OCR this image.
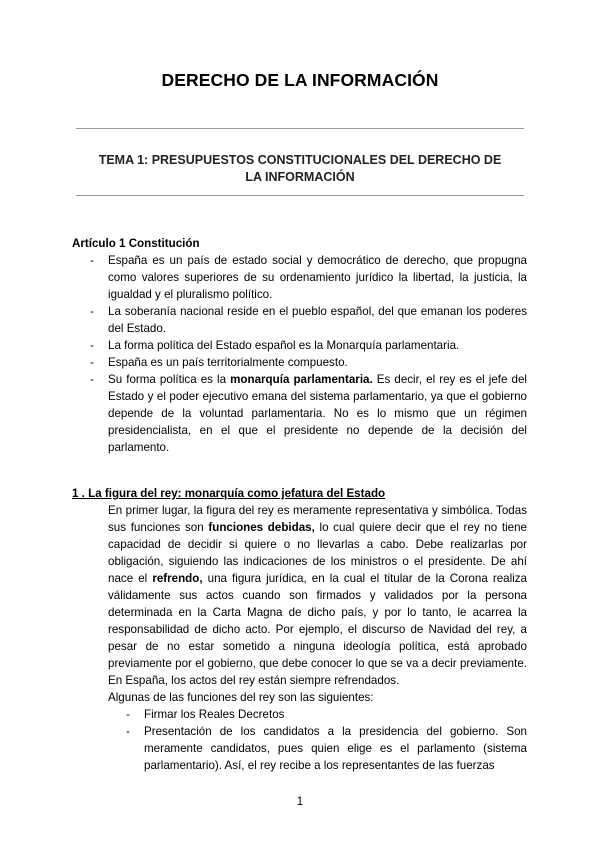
DERECHO DE LA INFORMACIÓN
TEMA 1: PRESUPUESTOS CONSTITUCIONALES DEL DERECHO DE LA INFORMACIÓN
Artículo 1 Constitución
- España es un país de estado social y democrático de derecho, que propugna como valores superiores de su ordenamiento jurídico la libertad, la justicia, la igualdad y el pluralismo político.
- La soberanía nacional reside en el pueblo español, del que emanan los poderes del Estado.
- La forma política del Estado español es la Monarquía parlamentaria.
- España es un país territorialmente compuesto.
- Su forma política es la monarquía parlamentaria. Es decir, el rey es el jefe del Estado y el poder ejecutivo emana del sistema parlamentario, ya que el gobierno depende de la voluntad parlamentaria. No es lo mismo que un régimen presidencialista, en el que el presidente no depende de la decisión del parlamento.
1 . La figura del rey: monarquía como jefatura del Estado
En primer lugar, la figura del rey es meramente representativa y simbólica. Todas sus funciones son funciones debidas, lo cual quiere decir que el rey no tiene capacidad de decidir si quiere o no llevarlas a cabo. Debe realizarlas por obligación, siguiendo las indicaciones de los ministros o el presidente. De ahí nace el refrendo, una figura jurídica, en la cual el titular de la Corona realiza válidamente sus actos cuando son firmados y validados por la persona determinada en la Carta Magna de dicho país, y por lo tanto, le acarrea la responsabilidad de dicho acto. Por ejemplo, el discurso de Navidad del rey, a pesar de no estar sometido a ninguna ideología política, está aprobado previamente por el gobierno, que debe conocer lo que se va a decir previamente. En España, los actos del rey están siempre refrendados.
Algunas de las funciones del rey son las siguientes:
- Firmar los Reales Decretos
- Presentación de los candidatos a la presidencia del gobierno. Son meramente candidatos, pues quien elige es el parlamento (sistema parlamentario). Así, el rey recibe a los representantes de las fuerzas
1
